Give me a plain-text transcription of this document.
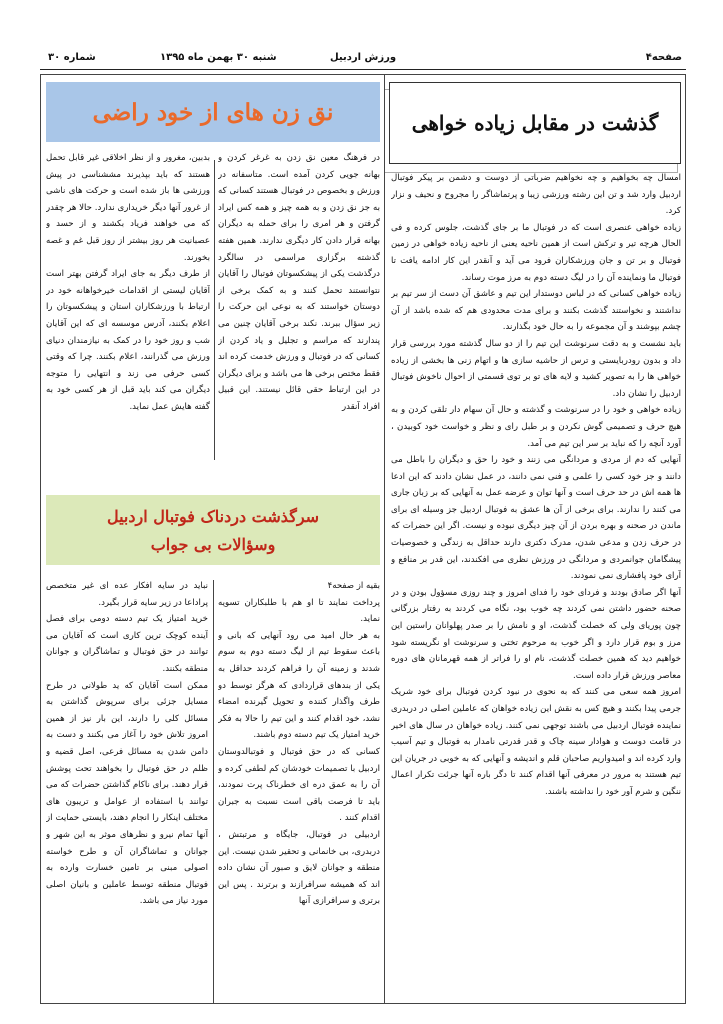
صفحه۴
ورزش اردبیل
شنبه ۳۰ بهمن ماه ۱۳۹۵
شماره ۳۰
گذشت در مقابل زیاده خواهی

امسال چه بخواهیم و چه نخواهیم ضرباتی از دوست و دشمن بر پیکر فوتبال اردبیل وارد شد و تن این رشته ورزشی زیبا و پرتماشاگر را مجروح و نحیف و نزار کرد.

زیاده خواهی عنصری است که در فوتبال ما بر جای گذشت، جلوس کرده و فی الحال هرچه تیر و ترکش است از همین ناحیه یعنی از ناحیه زیاده خواهی در زمین فوتبال و بر تن و جان ورزشکاران فرود می آید و آنقدر این کار ادامه یافت تا فوتبال ما ونماینده آن را در لیگ دسته دوم به مرز موت رساند.

زیاده خواهی کسانی که در لباس دوستدار این تیم و عاشق آن دست از سر تیم بر نداشتند و نخواستند گذشت بکنند و برای مدت محدودی هم که شده باشد از آن چشم بپوشند و آن مجموعه را به حال خود بگذارند.

باید نشست و به دقت سرنوشت این تیم را از دو سال گذشته مورد بررسی قرار داد و بدون رودربایستی و ترس از حاشیه سازی ها و اتهام زنی ها بخشی از زیاده خواهی ها را به تصویر کشید و لایه های تو بر توی قسمتی از احوال ناخوش فوتبال اردبیل را نشان داد.

زیاده خواهی و خود را در سرنوشت و گذشته و حال آن سهام دار تلقی کردن و به هیچ حرف و تصمیمی گوش نکردن و بر طبل رای و نظر و خواست خود کوبیدن ، آورد آنچه را که نباید بر سر این تیم می آمد.

آنهایی که دم از مردی و مردانگی می زنند و خود را حق و دیگران را باطل می دانند و جز خود کسی را علمی و فنی نمی دانند، در عمل نشان دادند که این ادعا ها همه اش در حد حرف است و آنها توان و عرضه عمل به آنهایی که بر زبان جاری می کنند را ندارند. برای برخی از آن ها عشق به فوتبال اردبیل جز وسیله ای برای ماندن در صحنه و بهره بردن از آن چیز دیگری نبوده و نیست. اگر این حضرات که در حرف زدن و مدعی شدن، مدرک دکتری دارند حداقل به زندگی و خصوصیات پیشگامان جوانمردی و مردانگی در ورزش نظری می افکندند، این قدر بر منافع و آرای خود پافشاری نمی نمودند.

آنها اگر صادق بودند و فردای خود را فدای امروز و چند روزی مسؤول بودن و در صحنه حضور داشتن نمی کردند چه خوب بود، نگاه می کردند به رفتار بزرگانی چون پوریای ولی که خصلت گذشت، او و نامش را بر صدر پهلوانان راستین این مرز و بوم قرار دارد و اگر خوب به مرحوم تختی و سرنوشت او نگریسته شود خواهیم دید که همین خصلت گذشت، نام او را فراتر از همه قهرمانان های دوره معاصر ورزش قرار داده است.

امروز همه سعی می کنند که به نحوی در نبود کردن فوتبال برای خود شریک جرمی پیدا بکنند و هیچ کس به نقش این زیاده خواهان که عاملین اصلی در دربدری نماینده فوتبال اردبیل می باشند توجهی نمی کنند. زیاده خواهان در سال های اخیر در قامت دوست و هوادار سینه چاک و قدر قدرتی نامدار به فوتبال و تیم آسیب وارد کرده اند و امیدواریم صاحبان قلم و اندیشه و آنهایی که به خوبی در جریان این تیم هستند به مرور در معرفی آنها اقدام کنند تا دگر باره آنها جرئت تکرار اعمال ننگین و شرم آور خود را نداشته باشند.

نق زن های از خود راضی

در فرهنگ معین نق زدن به غرغر کردن و بهانه جویی کردن آمده است. متاسفانه در ورزش و بخصوص در فوتبال هستند کسانی که به جز نق زدن و به همه چیز و همه کس ایراد گرفتن و هر امری را برای حمله به دیگران بهانه قرار دادن کار دیگری ندارند. همین هفته گذشته برگزاری مراسمی در سالگرد درگذشت یکی از پیشکسوتان فوتبال را آقایان نتوانستند تحمل کنند و به کمک برخی از دوستان خواستند که به نوعی این حرکت را زیر سؤال ببرند. نکند برخی آقایان چنین می پندارند که مراسم و تجلیل و یاد کردن از کسانی که در فوتبال و ورزش خدمت کرده اند فقط مختص برخی ها می باشد و برای دیگران در این ارتباط حقی قائل نیستند. این قبیل افراد آنقدر

بدبین، مغرور و از نظر اخلاقی غیر قابل تحمل هستند که باید بپذیرند مششناسی در پیش ورزشی ها باز شده است و حرکت های ناشی از غرور آنها دیگر خریداری ندارد. حالا هر چقدر که می خواهند فریاد بکشند و از حسد و عصبانیت هر روز بیشتر از روز قبل غم و غصه بخورند.

از طرف دیگر به جای ایراد گرفتن بهتر است آقایان لیستی از اقدامات خیرخواهانه خود در ارتباط با ورزشکاران استان و پیشکسوتان را اعلام بکنند، آدرس موسسه ای که این آقایان شب و روز خود را در کمک به نیازمندان دنیای ورزش می گذرانند، اعلام بکنند. چرا که وقتی کسی حرفی می زند و انتهایی را متوجه دیگران می کند باید قبل از هر کسی خود به گفته هایش عمل نماید.

سرگذشت دردناک فوتبال اردبیل
وسؤالات بی جواب

بقیه از صفحه۴

پرداخت نمایند تا او هم با طلبکاران تسویه نماید.

به هر حال امید می رود آنهایی که بانی و باعث سقوط تیم از لیگ دسته دوم به سوم شدند و زمینه آن را فراهم کردند حداقل به یکی از بندهای قراردادی که هرگز توسط دو طرف واگذار کننده و تحویل گیرنده امضاء نشد، خود اقدام کنند و این تیم را حالا به فکر خرید امتیاز یک تیم دسته دوم باشند.

کسانی که در حق فوتبال و فوتبالدوستان اردبیل با تصمیمات خودشان کم لطفی کرده و آن را به عمق دره ای خطرناک پرت نمودند، باید تا فرصت باقی است نسبت به جبران اقدام کنند .

اردبیلی در فوتبال، جایگاه و مرتبتش ، دربدری، بی خانمانی و تحقیر شدن نیست. این منطقه و جوانان لایق و صبور آن نشان داده اند که همیشه سرافرازند و برترند . پس این برتری و سرافرازی آنها

نباید در سایه افکار عده ای غیر متخصص پراداعا در زیر سایه قرار بگیرد.

خرید امتیاز یک تیم دسته دومی برای فصل آینده کوچک ترین کاری است که آقایان می توانند در حق فوتبال و تماشاگران و جوانان منطقه بکنند.

ممکن است آقایان که ید طولانی در طرح مسایل جزئی برای سرپوش گذاشتن به مسائل کلی را دارند، این بار نیز از همین امروز تلاش خود را آغاز می بکنند و دست به دامن شدن به مسائل فرعی، اصل قضیه و ظلم در حق فوتبال را بخواهند تحت پوشش قرار دهند. برای ناکام گذاشتن حضرات که می توانند با استفاده از عوامل و تریبون های مختلف اینکار را انجام دهند، بایستی حمایت از آنها تمام نیرو و نظرهای موثر به این شهر و جوانان و تماشاگران آن و طرح خواسته اصولی مبنی بر تامین خسارت وارده به فوتبال منطقه توسط عاملین و بانیان اصلی مورد نیاز می باشد.
